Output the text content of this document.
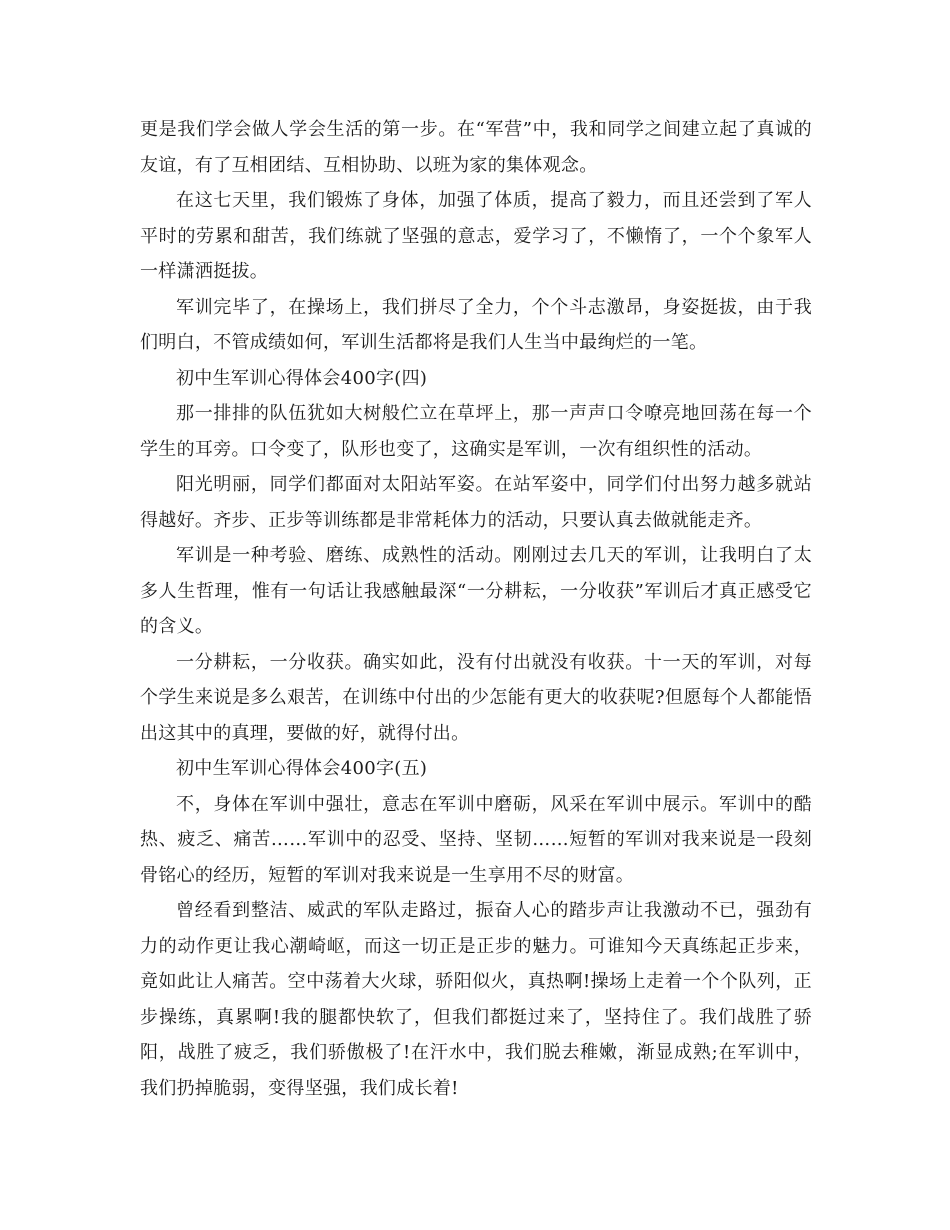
更是我们学会做人学会生活的第一步。在“军营”中，我和同学之间建立起了真诚的友谊，有了互相团结、互相协助、以班为家的集体观念。

在这七天里，我们锻炼了身体，加强了体质，提高了毅力，而且还尝到了军人平时的劳累和甜苦，我们练就了坚强的意志，爱学习了，不懒惰了，一个个象军人一样潇洒挺拔。

军训完毕了，在操场上，我们拼尽了全力，个个斗志激昂，身姿挺拔，由于我们明白，不管成绩如何，军训生活都将是我们人生当中最绚烂的一笔。

初中生军训心得体会400字(四)

那一排排的队伍犹如大树般伫立在草坪上，那一声声口令嘹亮地回荡在每一个学生的耳旁。口令变了，队形也变了，这确实是军训，一次有组织性的活动。

阳光明丽，同学们都面对太阳站军姿。在站军姿中，同学们付出努力越多就站得越好。齐步、正步等训练都是非常耗体力的活动，只要认真去做就能走齐。

军训是一种考验、磨练、成熟性的活动。刚刚过去几天的军训，让我明白了太多人生哲理，惟有一句话让我感触最深“一分耕耘，一分收获”军训后才真正感受它的含义。

一分耕耘，一分收获。确实如此，没有付出就没有收获。十一天的军训，对每个学生来说是多么艰苦，在训练中付出的少怎能有更大的收获呢?但愿每个人都能悟出这其中的真理，要做的好，就得付出。

初中生军训心得体会400字(五)

不，身体在军训中强壮，意志在军训中磨砺，风采在军训中展示。军训中的酷热、疲乏、痛苦……军训中的忍受、坚持、坚韧……短暂的军训对我来说是一段刻骨铭心的经历，短暂的军训对我来说是一生享用不尽的财富。

曾经看到整洁、威武的军队走路过，振奋人心的踏步声让我激动不已，强劲有力的动作更让我心潮崎岖，而这一切正是正步的魅力。可谁知今天真练起正步来，竟如此让人痛苦。空中荡着大火球，骄阳似火，真热啊!操场上走着一个个队列，正步操练，真累啊!我的腿都快软了，但我们都挺过来了，坚持住了。我们战胜了骄阳，战胜了疲乏，我们骄傲极了!在汗水中，我们脱去稚嫩，渐显成熟;在军训中，我们扔掉脆弱，变得坚强，我们成长着!
